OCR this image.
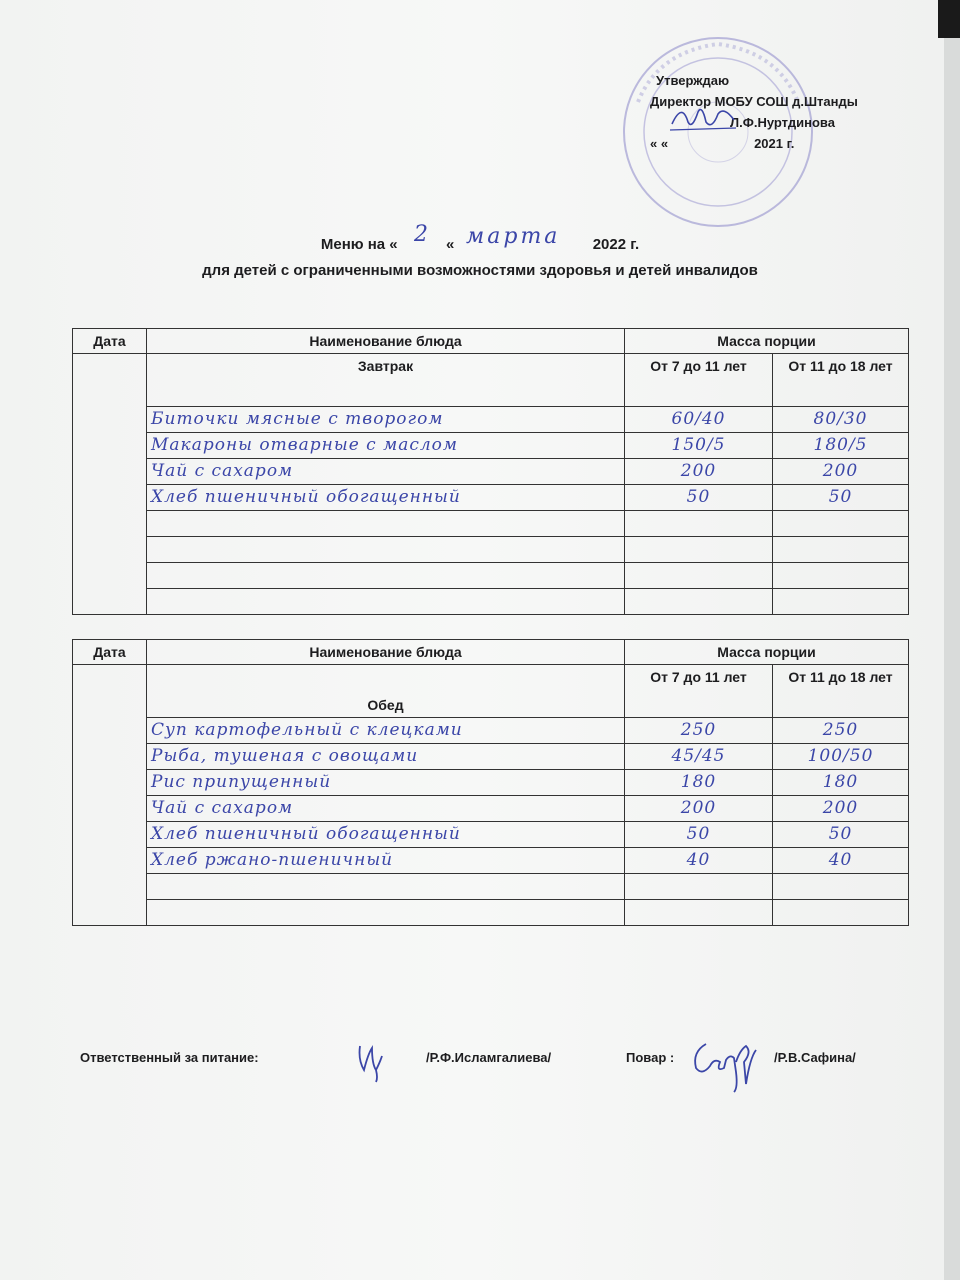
Утверждаю
Директор МОБУ СОШ д.Штанды
Л.Ф.Нуртдинова
« «	2021 г.
Меню на «	«	2022 г.
2 марта
для детей с ограниченными возможностями здоровья и детей инвалидов
Дата	Наименование блюда	Масса порции	
	Завтрак	От 7 до 11 лет	От 11 до 18 лет

	Биточки мясные с творогом	60/40	80/30

	Макароны отварные с маслом	150/5	180/5

	Чай с сахаром	200	200

	Хлеб пшеничный обогащенный	50	50

Дата	Наименование блюда	Масса порции	
	Обед	От 7 до 11 лет	От 11 до 18 лет

	Суп картофельный с клецками	250	250

	Рыба, тушеная с овощами	45/45	100/50

	Рис припущенный	180	180

	Чай с сахаром	200	200

	Хлеб пшеничный обогащенный	50	50

	Хлеб ржано-пшеничный	40	40

Ответственный за питание:	/Р.Ф.Исламгалиева/	Повар :	/Р.В.Сафина/
